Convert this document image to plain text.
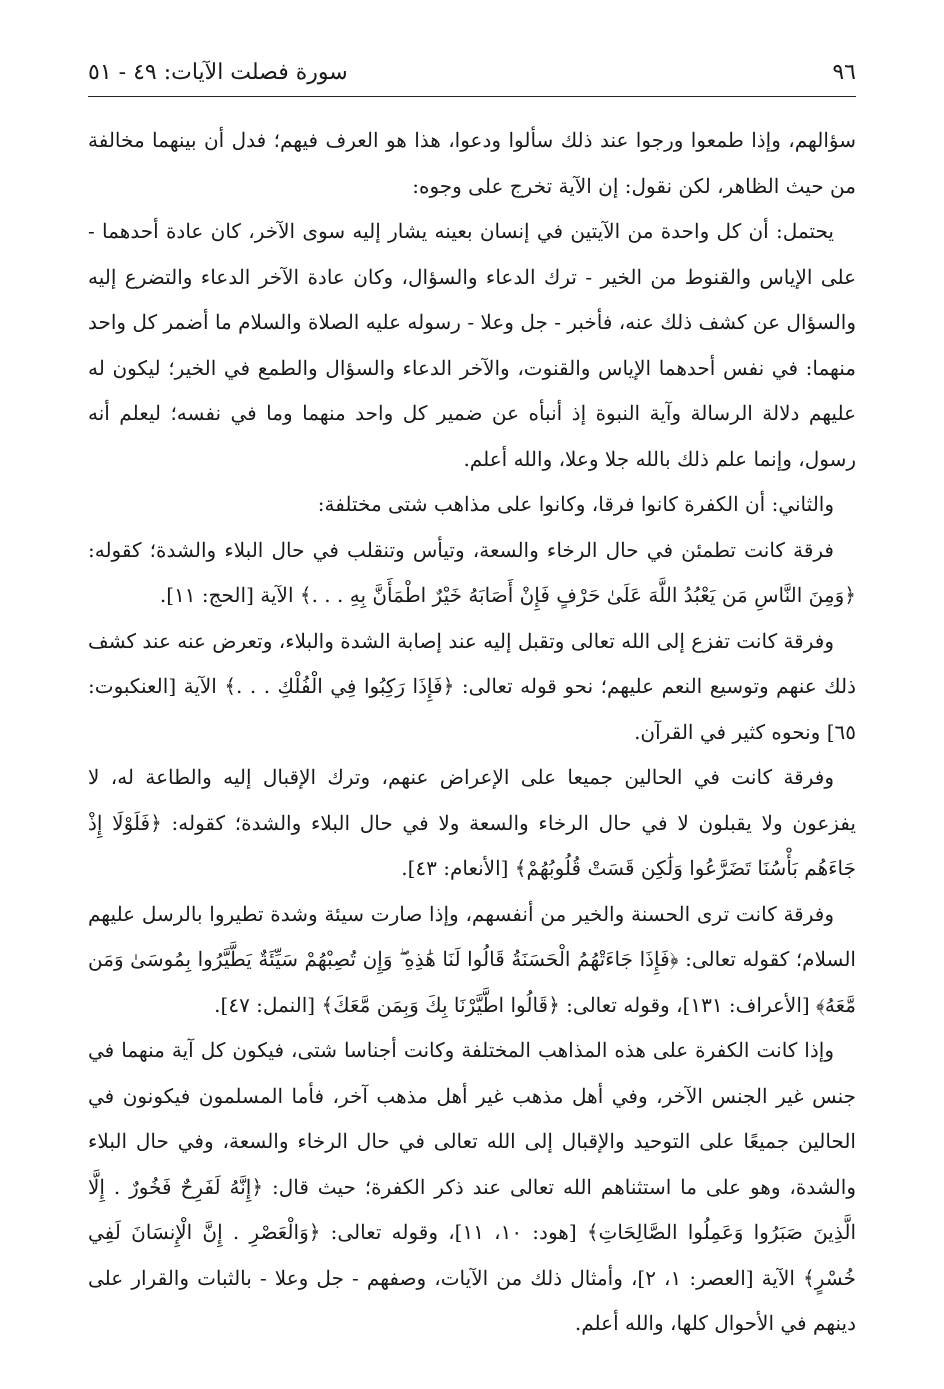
٩٦
سورة فصلت الآيات: ٤٩ - ٥١

سؤالهم، وإذا طمعوا ورجوا عند ذلك سألوا ودعوا، هذا هو العرف فيهم؛ فدل أن بينهما مخالفة من حيث الظاهر، لكن نقول: إن الآية تخرج على وجوه:

يحتمل: أن كل واحدة من الآيتين في إنسان بعينه يشار إليه سوى الآخر، كان عادة أحدهما - على الإياس والقنوط من الخير - ترك الدعاء والسؤال، وكان عادة الآخر الدعاء والتضرع إليه والسؤال عن كشف ذلك عنه، فأخبر - جل وعلا - رسوله عليه الصلاة والسلام ما أضمر كل واحد منهما: في نفس أحدهما الإياس والقنوت، والآخر الدعاء والسؤال والطمع في الخير؛ ليكون له عليهم دلالة الرسالة وآية النبوة إذ أنبأه عن ضمير كل واحد منهما وما في نفسه؛ ليعلم أنه رسول، وإنما علم ذلك بالله جلا وعلا، والله أعلم.

والثاني: أن الكفرة كانوا فرقا، وكانوا على مذاهب شتى مختلفة:

فرقة كانت تطمئن في حال الرخاء والسعة، وتيأس وتنقلب في حال البلاء والشدة؛ كقوله: ﴿وَمِنَ النَّاسِ مَن يَعْبُدُ اللَّهَ عَلَىٰ حَرْفٍ فَإِنْ أَصَابَهُ خَيْرٌ اطْمَأَنَّ بِهِ . . .﴾ الآية [الحج: ١١].

وفرقة كانت تفزع إلى الله تعالى وتقبل إليه عند إصابة الشدة والبلاء، وتعرض عنه عند كشف ذلك عنهم وتوسيع النعم عليهم؛ نحو قوله تعالى: ﴿فَإِذَا رَكِبُوا فِي الْفُلْكِ . . .﴾ الآية [العنكبوت: ٦٥] ونحوه كثير في القرآن.

وفرقة كانت في الحالين جميعا على الإعراض عنهم، وترك الإقبال إليه والطاعة له، لا يفزعون ولا يقبلون لا في حال الرخاء والسعة ولا في حال البلاء والشدة؛ كقوله: ﴿فَلَوْلَا إِذْ جَاءَهُم بَأْسُنَا تَضَرَّعُوا وَلَٰكِن قَسَتْ قُلُوبُهُمْ﴾ [الأنعام: ٤٣].

وفرقة كانت ترى الحسنة والخير من أنفسهم، وإذا صارت سيئة وشدة تطيروا بالرسل عليهم السلام؛ كقوله تعالى: ﴿فَإِذَا جَاءَتْهُمُ الْحَسَنَةُ قَالُوا لَنَا هَٰذِهِ ۖ وَإِن تُصِبْهُمْ سَيِّئَةٌ يَطَّيَّرُوا بِمُوسَىٰ وَمَن مَّعَهُ﴾ [الأعراف: ١٣١]، وقوله تعالى: ﴿قَالُوا اطَّيَّرْنَا بِكَ وَبِمَن مَّعَكَ﴾ [النمل: ٤٧].

وإذا كانت الكفرة على هذه المذاهب المختلفة وكانت أجناسا شتى، فيكون كل آية منهما في جنس غير الجنس الآخر، وفي أهل مذهب غير أهل مذهب آخر، فأما المسلمون فيكونون في الحالين جميعًا على التوحيد والإقبال إلى الله تعالى في حال الرخاء والسعة، وفي حال البلاء والشدة، وهو على ما استثناهم الله تعالى عند ذكر الكفرة؛ حيث قال: ﴿إِنَّهُ لَفَرِحٌ فَخُورٌ . إِلَّا الَّذِينَ صَبَرُوا وَعَمِلُوا الصَّالِحَاتِ﴾ [هود: ١٠، ١١]، وقوله تعالى: ﴿وَالْعَصْرِ . إِنَّ الْإِنسَانَ لَفِي خُسْرٍ﴾ الآية [العصر: ١، ٢]، وأمثال ذلك من الآيات، وصفهم - جل وعلا - بالثبات والقرار على دينهم في الأحوال كلها، والله أعلم.
